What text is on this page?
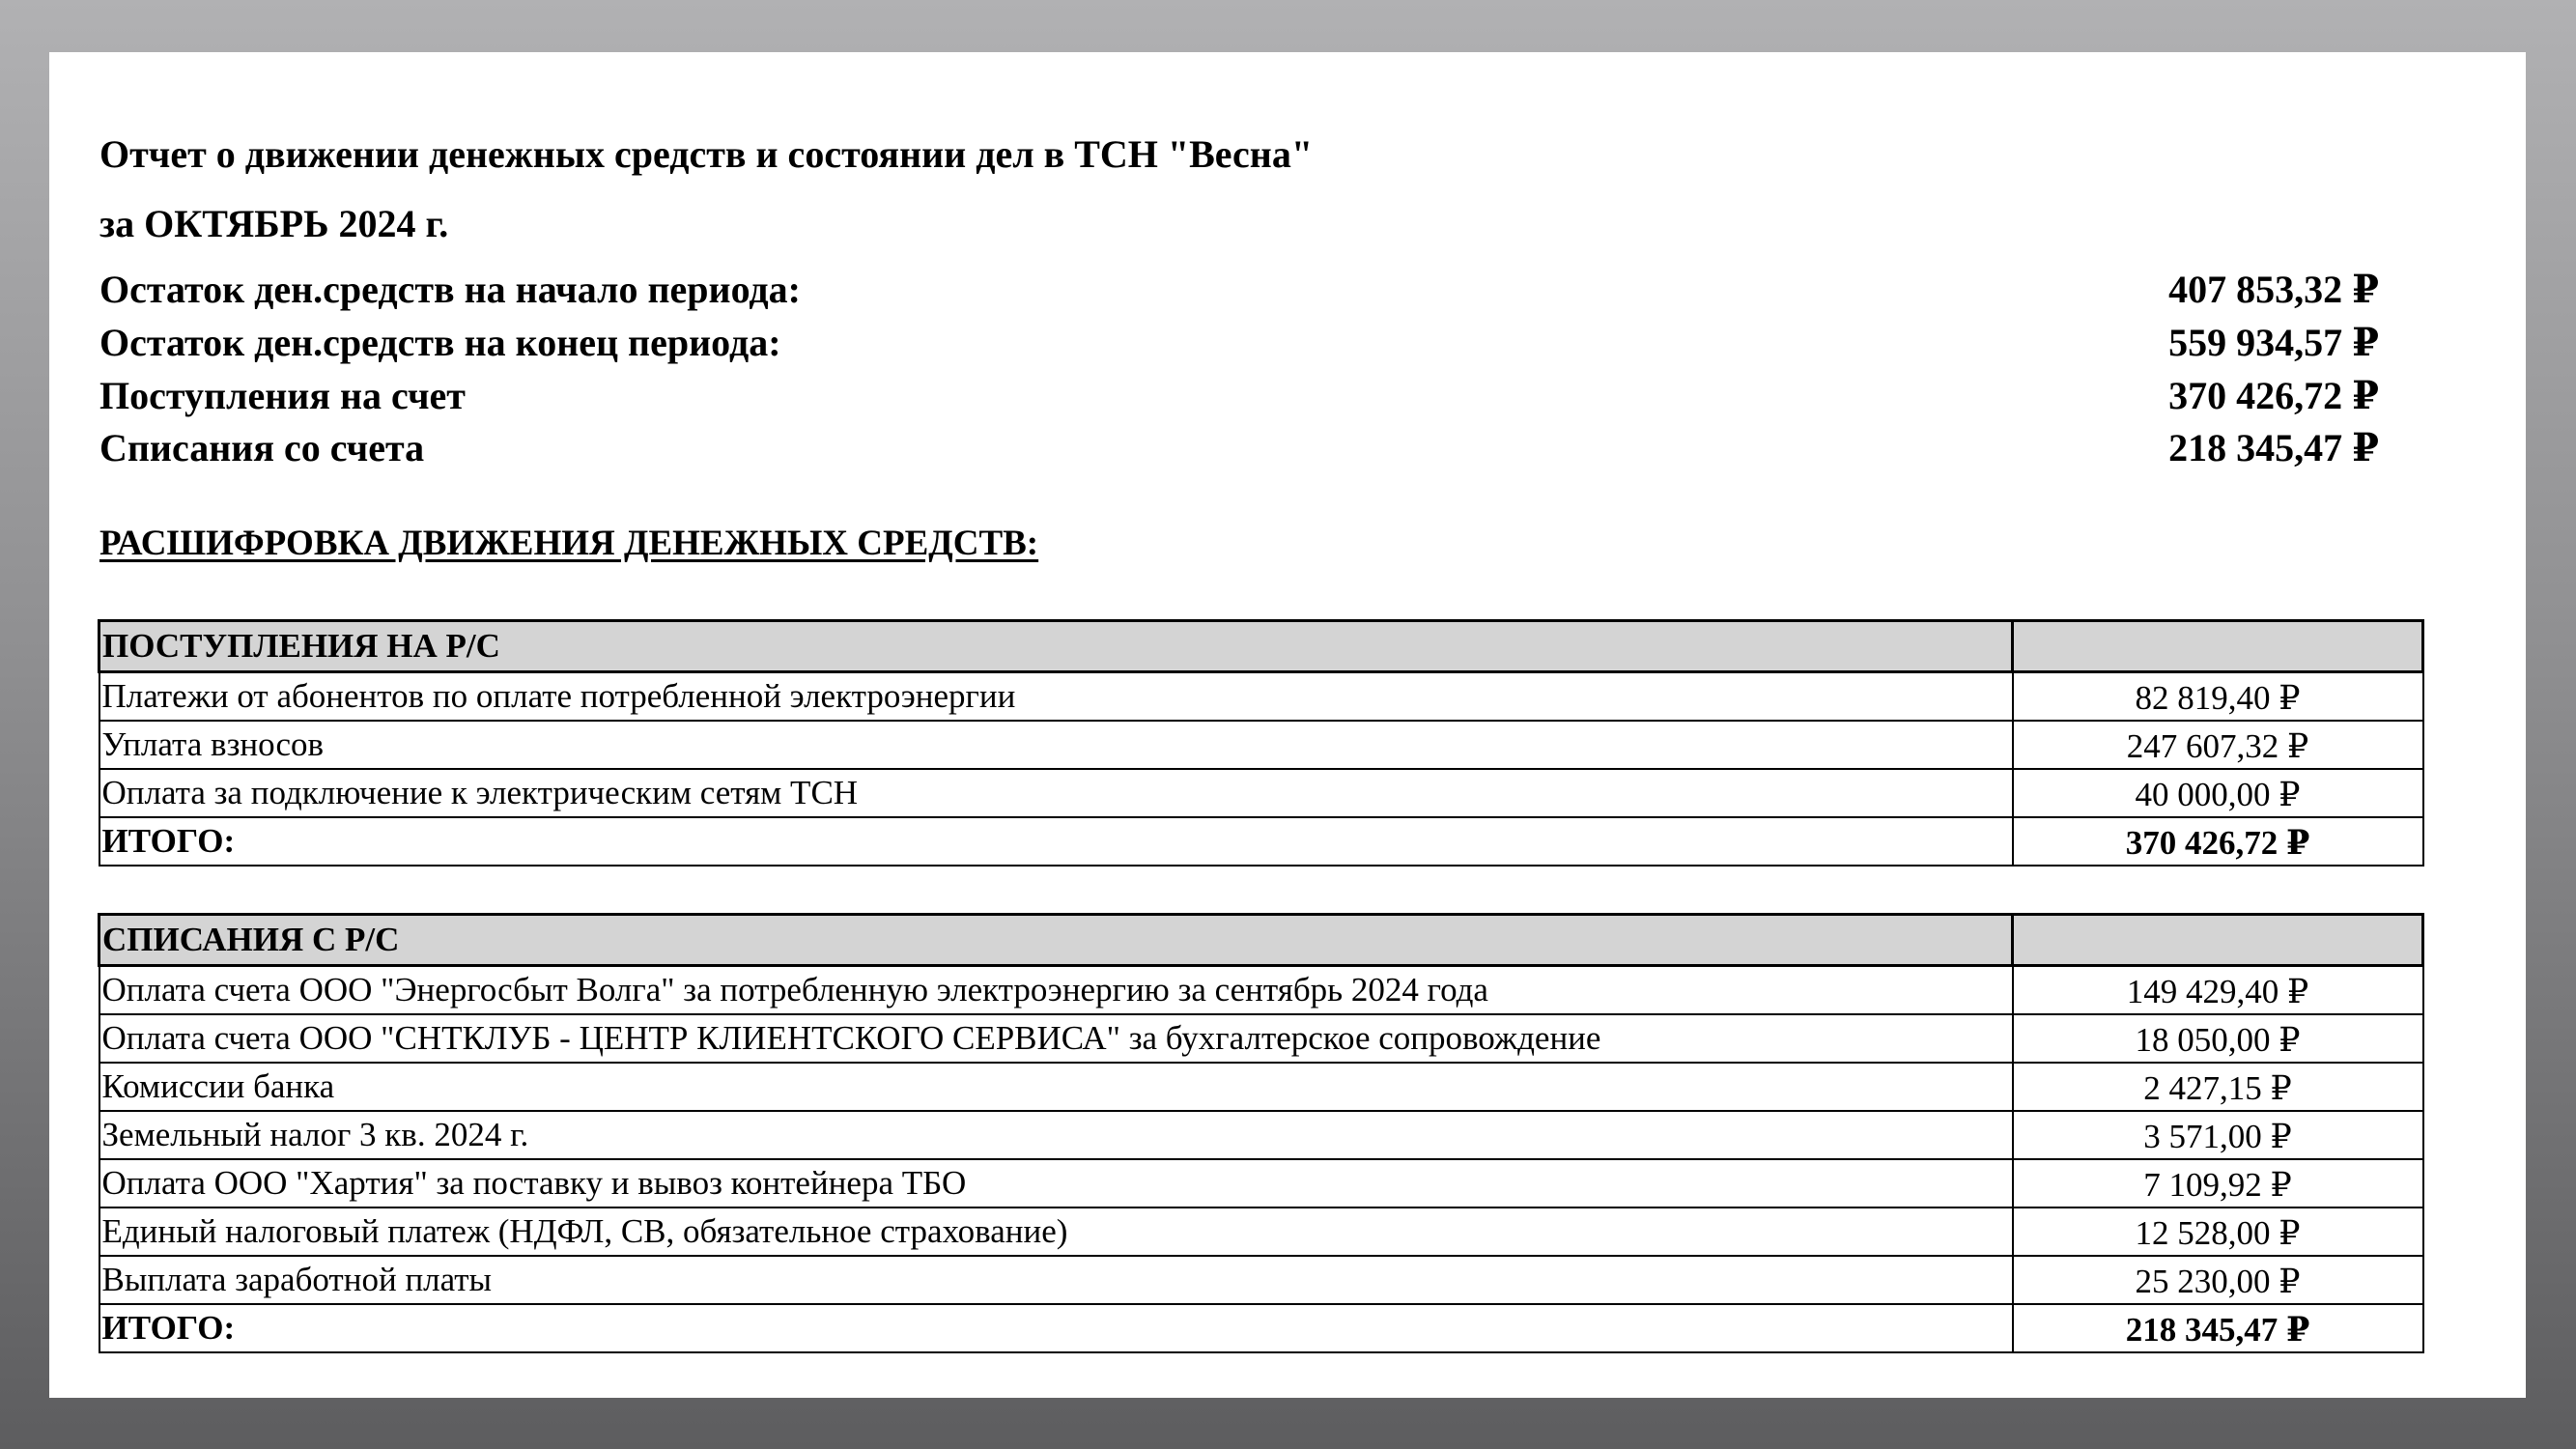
Отчет о движении денежных средств и состоянии дел в ТСН "Весна"
за ОКТЯБРЬ 2024 г.
Остаток ден.средств на начало периода:	407 853,32 ₽
Остаток ден.средств на конец периода:	559 934,57 ₽
Поступления на счет	370 426,72 ₽
Списания со счета	218 345,47 ₽
РАСШИФРОВКА ДВИЖЕНИЯ ДЕНЕЖНЫХ СРЕДСТВ:
ПОСТУПЛЕНИЯ НА Р/С	
Платежи от абонентов по оплате потребленной электроэнергии	82 819,40 ₽
Уплата взносов	247 607,32 ₽
Оплата за подключение к электрическим сетям ТСН	40 000,00 ₽
ИТОГО:	370 426,72 ₽
СПИСАНИЯ С Р/С	
Оплата счета ООО "Энергосбыт Волга" за потребленную электроэнергию за сентябрь 2024 года	149 429,40 ₽
Оплата счета ООО "СНТКЛУБ - ЦЕНТР КЛИЕНТСКОГО СЕРВИСА" за бухгалтерское сопровождение	18 050,00 ₽
Комиссии банка	2 427,15 ₽
Земельный налог 3 кв. 2024 г.	3 571,00 ₽
Оплата ООО "Хартия" за поставку и вывоз контейнера ТБО	7 109,92 ₽
Единый налоговый платеж (НДФЛ, СВ, обязательное страхование)	12 528,00 ₽
Выплата заработной платы	25 230,00 ₽
ИТОГО:	218 345,47 ₽
